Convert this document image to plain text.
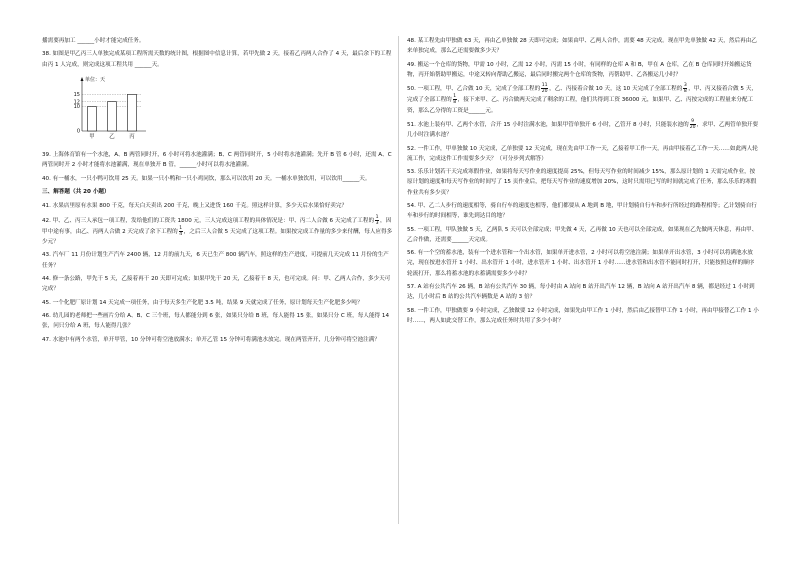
播需要再加工 ______小时才能完成任务。

38. 如图是甲乙丙三人单独完成某项工程所需天数的统计图，根据图中信息计算，若甲先做 2 天，接着乙丙两人合作了 4 天，最后余下的工程由丙 1 人完成，则完成这项工程共用 ______天。

10
12
15
0
单位：天
甲	乙	丙

39. 上海体育馆有一个水池，A、B 两管同时开，6 小时可将水池灌满；B、C 两管同时开，5 小时将水池灌满；先开 B 管 6 小时，还需 A、C 两管同时开 2 小时才能将水池灌满，现在单独开 B 管，______小时可以将水池灌满。

40. 有一桶水，一只小鸭可饮用 25 天。如果一只小鸭和一只小鸡同饮，那么可以饮用 20 天。一桶水单独饮用，可以饮用______天。

三、解答题（共 20 小题）

41. 水果店里原有水果 800 千克，每天白天卖出 200 千克，晚上又进货 160 千克。照这样计算，多少天后水果恰好卖完？

42. 甲、乙、丙三人承包一项工程，发给他们的工资共 1800 元，三人完成这项工程的具体情况是：甲、丙二人合做 6 天完成了工程的 $\frac{1}{3}$ ，因甲中途有事，由乙、丙两人合做 2 天完成了余下工程的 $\frac{1}{4}$ ，之后三人合做 5 天完成了这项工程。如果按完成工作量的多少来付酬，每人应得多少元？

43. 汽车厂 11 月份计划生产汽车 2400 辆，12 月的前九天，6 天已生产 800 辆汽车，照这样的生产进度，可提前几天完成 11 月份的生产任务？

44. 修一条公路，甲先干 5 天，乙接着再干 20 天即可完成；如果甲先干 20 天，乙接着干 8 天，也可完成。问：甲、乙两人合作，多少天可完成？

45. 一个化肥厂原计划 14 天完成一项任务，由于每天多生产化肥 3.5 吨，结果 9 天就完成了任务，原计划每天生产化肥多少吨？

46. 幼儿园的老师把一些画片分给 A、B、C 三个班，每人都能分到 6 张，如果只分给 B 班，每人能得 15 张，如果只分 C 班，每人能得 14 张，问只分给 A 班，每人能得几张？

47. 水池中有两个水管，单开甲管，10 分钟可将空池放满水；单开乙管 15 分钟可将满池水放完。现在两管齐开，几分钟可将空池注满？

48. 某工程先由甲独做 63 天，再由乙单独做 28 天即可完成；如果由甲、乙两人合作，需要 48 天完成。现在甲先单独做 42 天，然后再由乙来单独完成，那么乙还需要做多少天？

49. 搬运一个仓库的货物，甲需 10 小时，乙需 12 小时，丙需 15 小时，有同样的仓库 A 和 B，甲在 A 仓库，乙在 B 仓库同时开始搬运货物，丙开始帮助甲搬运，中途又转向帮助乙搬运，最后同时搬完两个仓库的货物，丙帮助甲、乙各搬运几小时？

50. 一项工程，甲、乙合做 10 天，完成了全部工程的 $\frac{11}{20}$ ，乙、丙接着合做 10 天，这 10 天完成了全部工程的 $\frac{3}{8}$ ，甲、丙又接着合做 5 天，完成了全部工程的 $\frac{1}{8}$ ，接下来甲、乙、丙合做两天完成了剩余的工程，他们共得到工资 36000 元，如果甲、乙、丙按完成的工程量来分配工资，那么乙分得的工资是______元。

51. 水池上装有甲、乙两个水管，合开 15 小时注满水池，如果甲管单独开 6 小时，乙管开 8 小时，只能装水池的 $\frac{9}{20}$ ，求甲、乙两管单独开要几小时注满水池？

52. 一件工作，甲单独做 10 天完成，乙单独要 12 天完成，现在先由甲工作一天，乙接着甲工作一天，再由甲接着乙工作一天……如此两人轮流工作，完成这件工作需要多少天？（可分步列式解答）

53. 乐乐计划若干天完成寒假作业，如果将每天写作业的速度提高 25%，但每天写作业的时间减少 15%，那么原计划的 1 天需完成作业，按原计划的速度和每天写作业的时间写了 15 页作业后，把每天写作业的速度增加 20%，这时只需用已写的时间就完成了任务，那么乐乐的寒假作业共有多少页？

54. 甲、乙二人步行的速度相等，骑自行车的速度也相等，他们都要从 A 地到 B 地，甲计划骑自行车和步行所经过的路程相等；乙计划骑自行车和步行的时间相等，谁先到达目的地？

55. 一项工程，甲队独做 5 天，乙两队 5 天可以全部完成；甲先做 4 天，乙再做 10 天也可以全部完成，如果现在乙先做两天休息，再由甲、乙合作做，还需要______天完成。

56. 有一个空的蓄水池，装有一个进水管和一个出水管，如果单开进水管，2 小时可以将空池注满；如果单开出水管，3 小时可以将满池水放完，现在按进水管开 1 小时、出水管开 1 小时，进水管开 1 小时、出水管开 1 小时……进水管和出水管不能同时打开，只能按照这样的顺序轮流打开，那么将蓄水池的水蓄满需要多少小时？

57. A 站有公共汽车 26 辆，B 站有公共汽车 30 辆，每小时由 A 站向 B 站开出汽车 12 辆，B 站向 A 站开出汽车 8 辆，都是经过 1 小时到达，几小时后 B 站的公共汽车辆数是 A 站的 3 倍？

58. 一件工作，甲独做要 9 小时完成，乙独做要 12 小时完成，如果先由甲工作 1 小时，然后由乙接替甲工作 1 小时，再由甲接替乙工作 1 小时……，两人如此交替工作，那么完成任务时共用了多少小时？
